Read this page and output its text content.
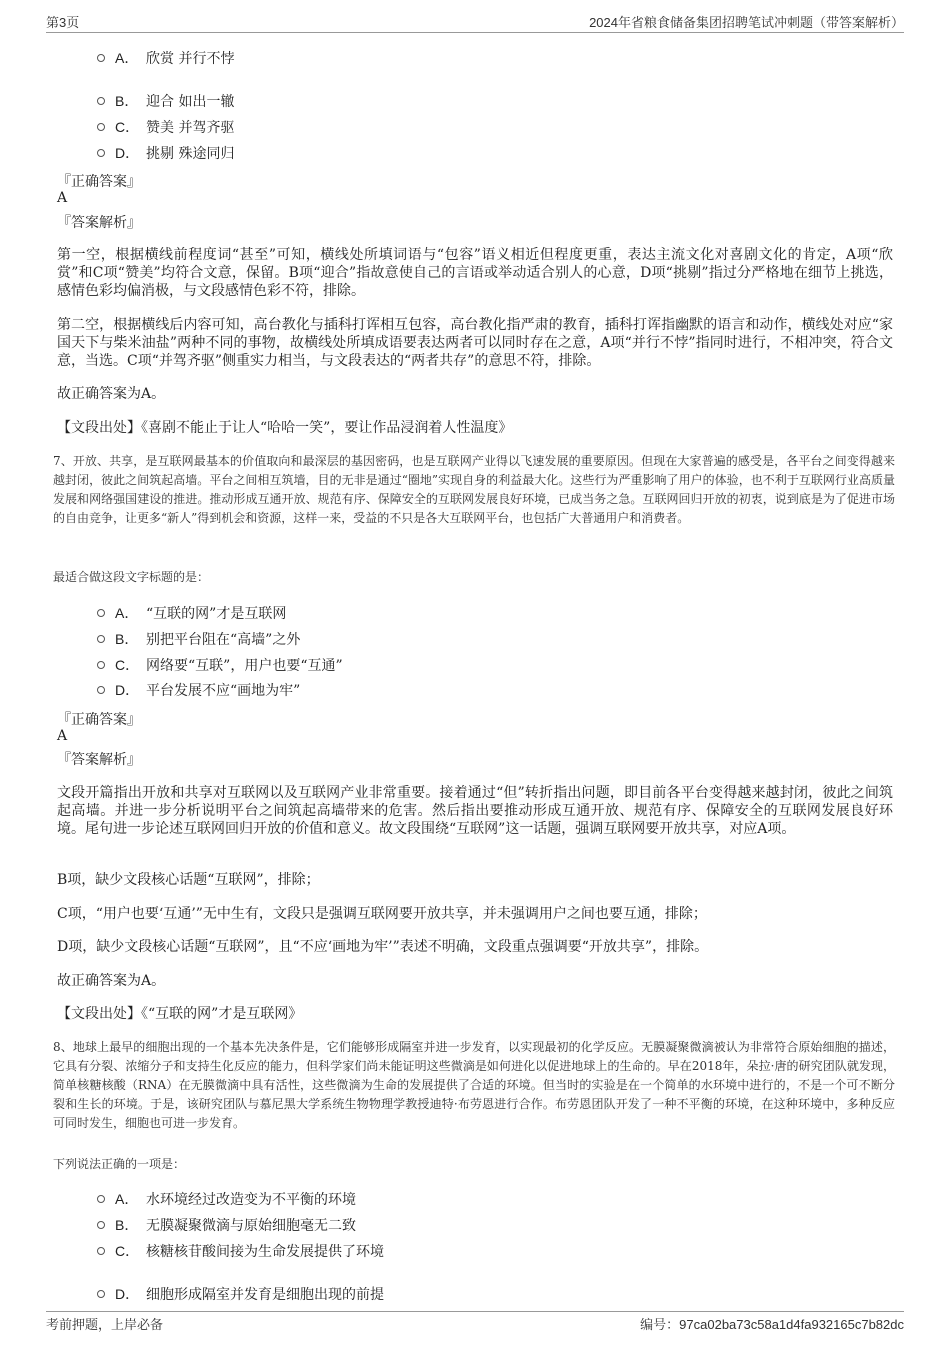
第3页	2024年省粮食储备集团招聘笔试冲刺题（带答案解析）
A． 欣赏 并行不悖
B． 迎合 如出一辙
C． 赞美 并驾齐驱
D． 挑剔 殊途同归
『正确答案』
A
『答案解析』
第一空，根据横线前程度词“甚至”可知，横线处所填词语与“包容”语义相近但程度更重，表达主流文化对喜剧文化的肯定，A项“欣赏”和C项“赞美”均符合文意，保留。B项“迎合”指故意使自己的言语或举动适合别人的心意，D项“挑剔”指过分严格地在细节上挑选，感情色彩均偏消极，与文段感情色彩不符，排除。
第二空，根据横线后内容可知，高台教化与插科打诨相互包容，高台教化指严肃的教育，插科打诨指幽默的语言和动作，横线处对应“家国天下与柴米油盐”两种不同的事物，故横线处所填成语要表达两者可以同时存在之意，A项“并行不悖”指同时进行，不相冲突，符合文意，当选。C项“并驾齐驱”侧重实力相当，与文段表达的“两者共存”的意思不符，排除。
故正确答案为A。
【文段出处】《喜剧不能止于让人“哈哈一笑”，要让作品浸润着人性温度》
7、开放、共享，是互联网最基本的价值取向和最深层的基因密码，也是互联网产业得以飞速发展的重要原因。但现在大家普遍的感受是，各平台之间变得越来越封闭，彼此之间筑起高墙。平台之间相互筑墙，目的无非是通过“圈地”实现自身的利益最大化。这些行为严重影响了用户的体验，也不利于互联网行业高质量发展和网络强国建设的推进。推动形成互通开放、规范有序、保障安全的互联网发展良好环境，已成当务之急。互联网回归开放的初衷，说到底是为了促进市场的自由竞争，让更多“新人”得到机会和资源，这样一来，受益的不只是各大互联网平台，也包括广大普通用户和消费者。
最适合做这段文字标题的是：
A． “互联的网”才是互联网
B． 别把平台阻在“高墙”之外
C． 网络要“互联”，用户也要“互通”
D． 平台发展不应“画地为牢”
『正确答案』
A
『答案解析』
文段开篇指出开放和共享对互联网以及互联网产业非常重要。接着通过“但”转折指出问题，即目前各平台变得越来越封闭，彼此之间筑起高墙。并进一步分析说明平台之间筑起高墙带来的危害。然后指出要推动形成互通开放、规范有序、保障安全的互联网发展良好环境。尾句进一步论述互联网回归开放的价值和意义。故文段围绕“互联网”这一话题，强调互联网要开放共享，对应A项。
B项，缺少文段核心话题“互联网”，排除；
C项，“用户也要‘互通’”无中生有，文段只是强调互联网要开放共享，并未强调用户之间也要互通，排除；
D项，缺少文段核心话题“互联网”，且“不应‘画地为牢’”表述不明确，文段重点强调要“开放共享”，排除。
故正确答案为A。
【文段出处】《“互联的网”才是互联网》
8、地球上最早的细胞出现的一个基本先决条件是，它们能够形成隔室并进一步发育，以实现最初的化学反应。无膜凝聚微滴被认为非常符合原始细胞的描述，它具有分裂、浓缩分子和支持生化反应的能力，但科学家们尚未能证明这些微滴是如何进化以促进地球上的生命的。早在2018年，朵拉·唐的研究团队就发现，简单核糖核酸（RNA）在无膜微滴中具有活性，这些微滴为生命的发展提供了合适的环境。但当时的实验是在一个简单的水环境中进行的，不是一个可不断分裂和生长的环境。于是，该研究团队与慕尼黑大学系统生物物理学教授迪特·布劳恩进行合作。布劳恩团队开发了一种不平衡的环境，在这种环境中，多种反应可同时发生，细胞也可进一步发育。
下列说法正确的一项是：
A． 水环境经过改造变为不平衡的环境
B． 无膜凝聚微滴与原始细胞毫无二致
C． 核糖核苷酸间接为生命发展提供了环境
D． 细胞形成隔室并发育是细胞出现的前提
考前押题，上岸必备	编号：97ca02ba73c58a1d4fa932165c7b82dc
